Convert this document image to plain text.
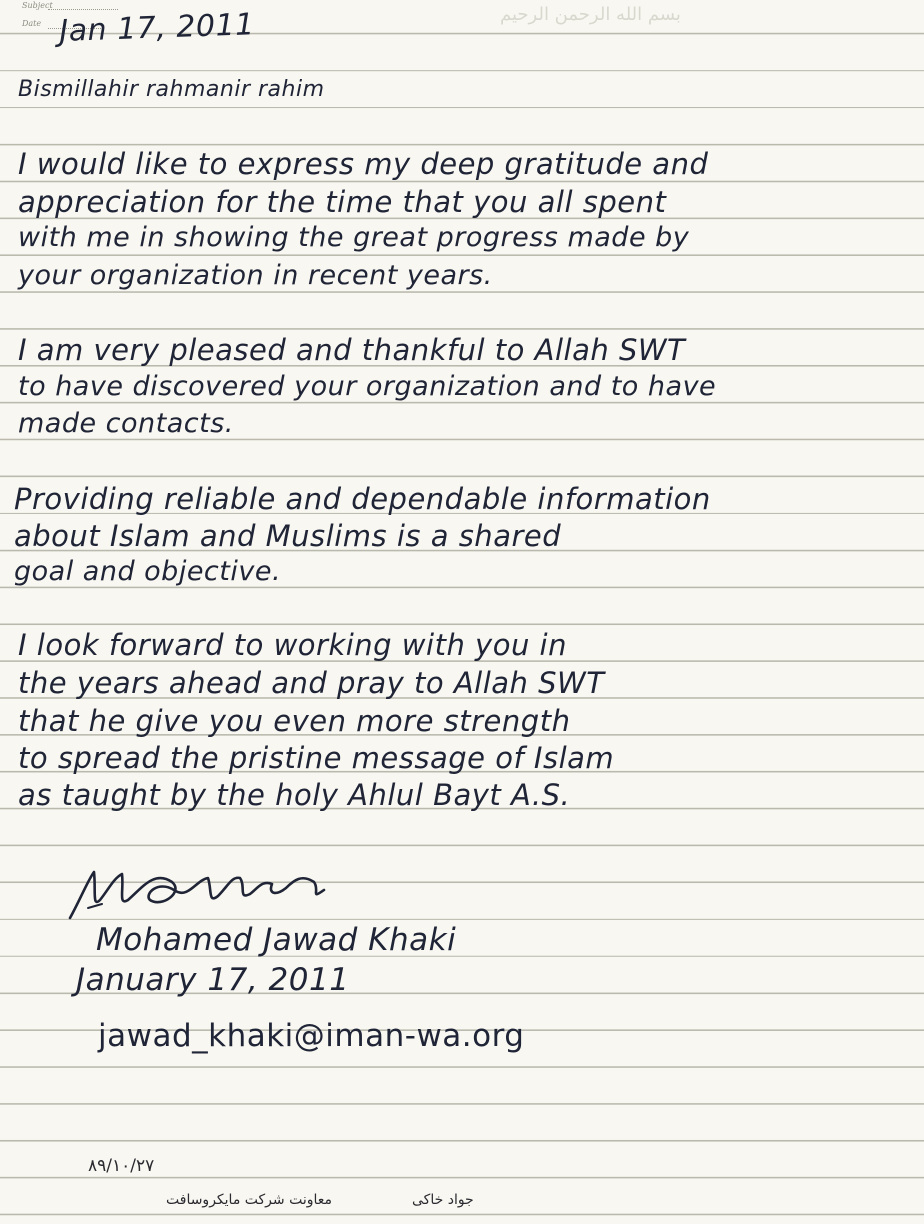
بسم الله الرحمن الرحیم
Subject
Date Jan 17, 2011
Bismillahir rahmanir rahim
I would like to express my deep gratitude and
appreciation for the time that you all spent
with me in showing the great progress made by
your organization in recent years.
I am very pleased and thankful to Allah SWT
to have discovered your organization and to have
made contacts.
Providing reliable and dependable information
about Islam and Muslims is a shared
goal and objective.
I look forward to working with you in
the years ahead and pray to Allah SWT
that he give you even more strength
to spread the pristine message of Islam
as taught by the holy Ahlul Bayt A.S.
Mohamed Jawad Khaki
January 17, 2011
jawad_khaki@iman-wa.org
۸۹/۱۰/۲۷
جواد خاکی
معاونت شرکت مایکروسافت
